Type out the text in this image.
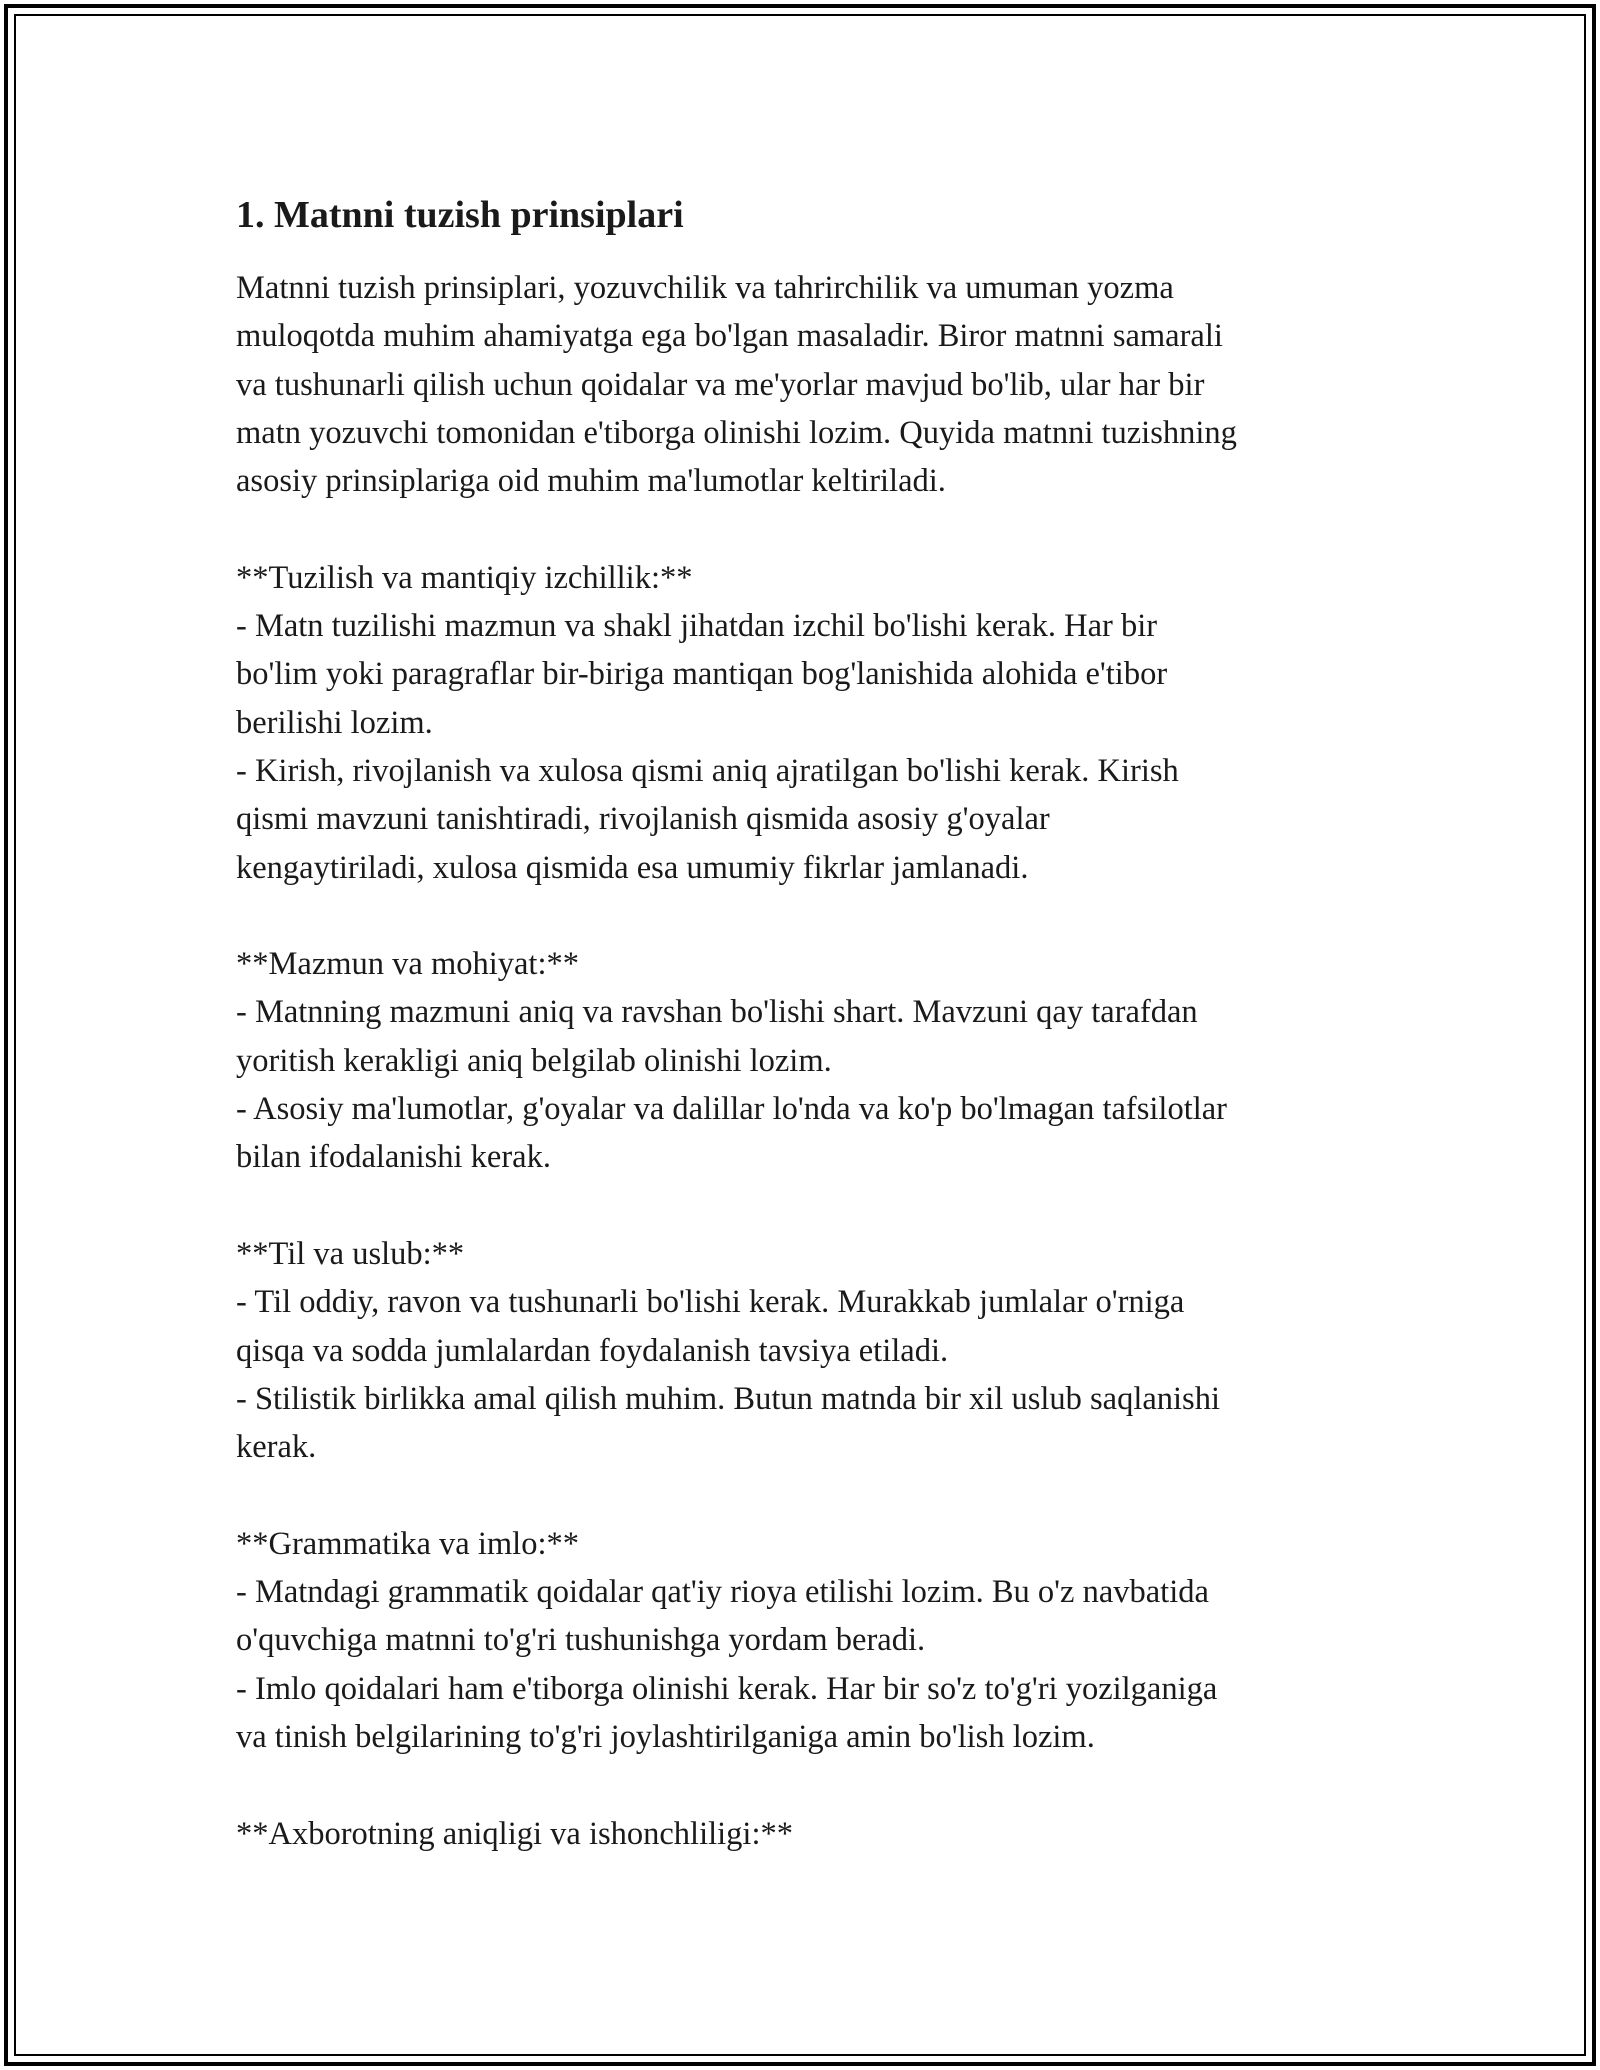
1. Matnni tuzish prinsiplari
Matnni tuzish prinsiplari, yozuvchilik va tahrirchilik va umuman yozma
muloqotda muhim ahamiyatga ega bo'lgan masaladir. Biror matnni samarali
va tushunarli qilish uchun qoidalar va me'yorlar mavjud bo'lib, ular har bir
matn yozuvchi tomonidan e'tiborga olinishi lozim. Quyida matnni tuzishning
asosiy prinsiplariga oid muhim ma'lumotlar keltiriladi.
**Tuzilish va mantiqiy izchillik:**
- Matn tuzilishi mazmun va shakl jihatdan izchil bo'lishi kerak. Har bir
bo'lim yoki paragraflar bir-biriga mantiqan bog'lanishida alohida e'tibor
berilishi lozim.
- Kirish, rivojlanish va xulosa qismi aniq ajratilgan bo'lishi kerak. Kirish
qismi mavzuni tanishtiradi, rivojlanish qismida asosiy g'oyalar
kengaytiriladi, xulosa qismida esa umumiy fikrlar jamlanadi.
**Mazmun va mohiyat:**
- Matnning mazmuni aniq va ravshan bo'lishi shart. Mavzuni qay tarafdan
yoritish kerakligi aniq belgilab olinishi lozim.
- Asosiy ma'lumotlar, g'oyalar va dalillar lo'nda va ko'p bo'lmagan tafsilotlar
bilan ifodalanishi kerak.
**Til va uslub:**
- Til oddiy, ravon va tushunarli bo'lishi kerak. Murakkab jumlalar o'rniga
qisqa va sodda jumlalardan foydalanish tavsiya etiladi.
- Stilistik birlikka amal qilish muhim. Butun matnda bir xil uslub saqlanishi
kerak.
**Grammatika va imlo:**
- Matndagi grammatik qoidalar qat'iy rioya etilishi lozim. Bu o'z navbatida
o'quvchiga matnni to'g'ri tushunishga yordam beradi.
- Imlo qoidalari ham e'tiborga olinishi kerak. Har bir so'z to'g'ri yozilganiga
va tinish belgilarining to'g'ri joylashtirilganiga amin bo'lish lozim.
**Axborotning aniqligi va ishonchliligi:**
